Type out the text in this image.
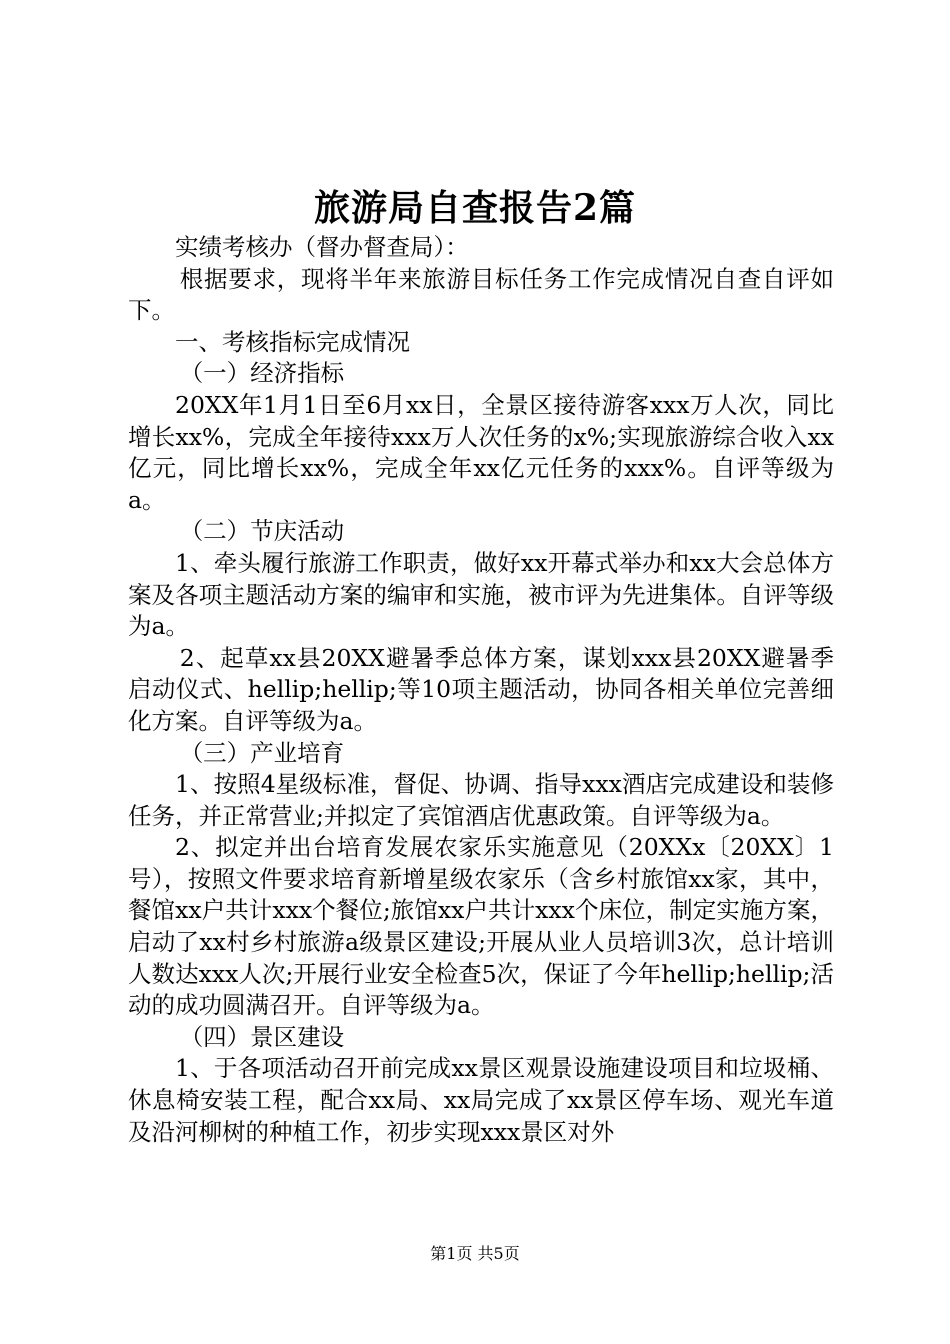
旅游局自查报告2篇

实绩考核办（督办督查局）：

根据要求，现将半年来旅游目标任务工作完成情况自查自评如下。

一、考核指标完成情况

（一）经济指标

20XX年1月1日至6月xx日，全景区接待游客xxx万人次，同比增长xx%，完成全年接待xxx万人次任务的x%;实现旅游综合收入xx亿元，同比增长xx%，完成全年xx亿元任务的xxx%。自评等级为a。

（二）节庆活动

1、牵头履行旅游工作职责，做好xx开幕式举办和xx大会总体方案及各项主题活动方案的编审和实施，被市评为先进集体。自评等级为a。

2、起草xx县20XX避暑季总体方案，谋划xxx县20XX避暑季启动仪式、hellip;hellip;等10项主题活动，协同各相关单位完善细化方案。自评等级为a。

（三）产业培育

1、按照4星级标准，督促、协调、指导xxx酒店完成建设和装修任务，并正常营业;并拟定了宾馆酒店优惠政策。自评等级为a。

2、拟定并出台培育发展农家乐实施意见（20XXx〔20XX〕1号），按照文件要求培育新增星级农家乐（含乡村旅馆xx家，其中，餐馆xx户共计xxx个餐位;旅馆xx户共计xxx个床位，制定实施方案，启动了xx村乡村旅游a级景区建设;开展从业人员培训3次，总计培训人数达xxx人次;开展行业安全检查5次，保证了今年hellip;hellip;活动的成功圆满召开。自评等级为a。

（四）景区建设

1、于各项活动召开前完成xx景区观景设施建设项目和垃圾桶、休息椅安装工程，配合xx局、xx局完成了xx景区停车场、观光车道及沿河柳树的种植工作，初步实现xxx景区对外

第1页 共5页
